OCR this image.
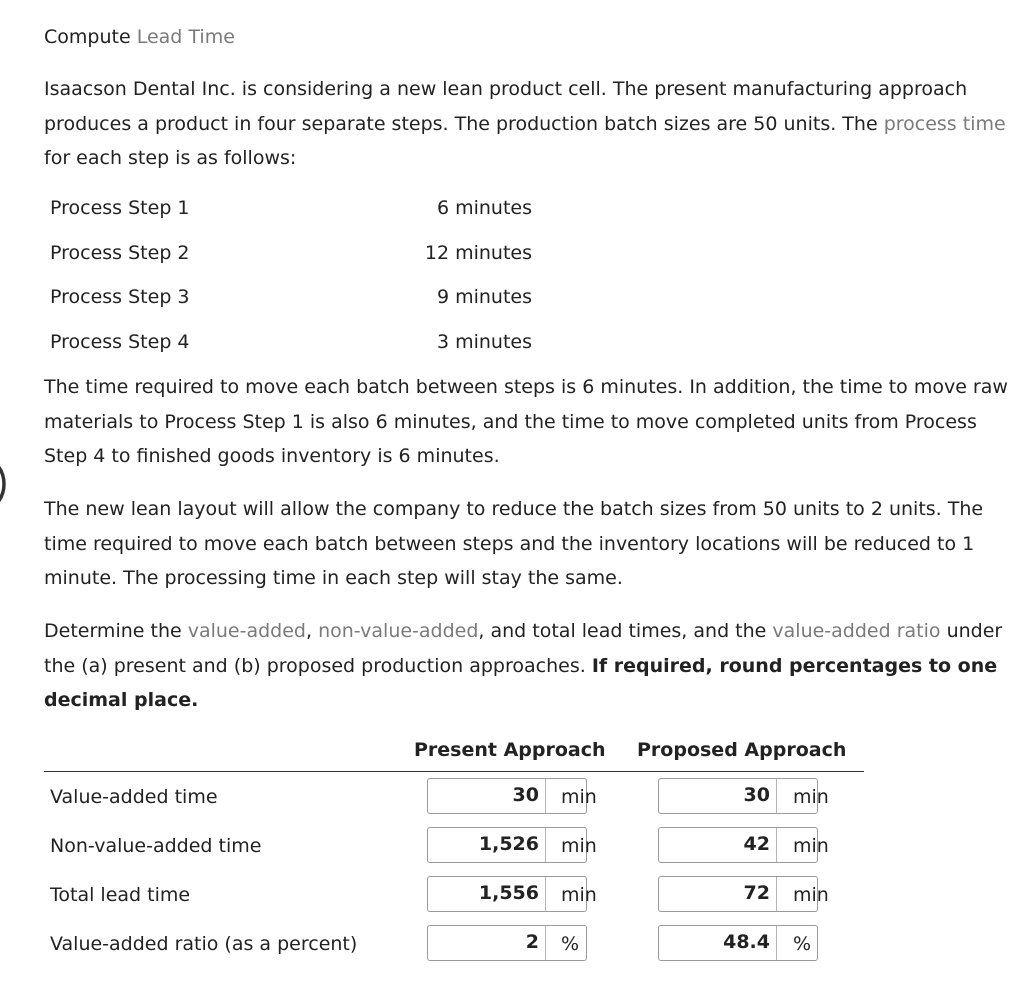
Compute Lead Time

Isaacson Dental Inc. is considering a new lean product cell. The present manufacturing approach produces a product in four separate steps. The production batch sizes are 50 units. The process time for each step is as follows:

Process Step 1	6 minutes
Process Step 2	12 minutes
Process Step 3	9 minutes
Process Step 4	3 minutes

The time required to move each batch between steps is 6 minutes. In addition, the time to move raw materials to Process Step 1 is also 6 minutes, and the time to move completed units from Process Step 4 to finished goods inventory is 6 minutes.

The new lean layout will allow the company to reduce the batch sizes from 50 units to 2 units. The time required to move each batch between steps and the inventory locations will be reduced to 1 minute. The processing time in each step will stay the same.

Determine the value-added, non-value-added, and total lead times, and the value-added ratio under the (a) present and (b) proposed production approaches. If required, round percentages to one decimal place.

Present Approach Proposed Approach
Value-added time	30	min	30	min
Non-value-added time	1,526	min	42	min
Total lead time	1,556	min	72	min
Value-added ratio (as a percent)	2	%	48.4	%
